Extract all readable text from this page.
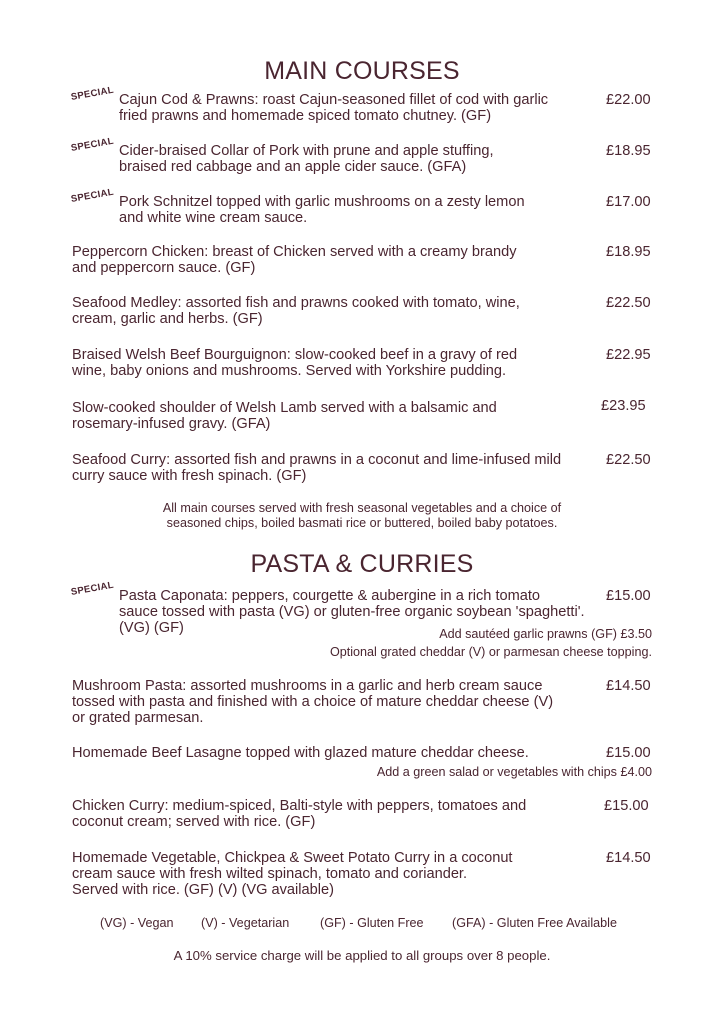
MAIN COURSES
SPECIAL Cajun Cod & Prawns: roast Cajun-seasoned fillet of cod with garlic
fried prawns and homemade spiced tomato chutney. (GF)
£22.00
SPECIAL Cider-braised Collar of Pork with prune and apple stuffing,
braised red cabbage and an apple cider sauce. (GFA)
£18.95
SPECIAL Pork Schnitzel topped with garlic mushrooms on a zesty lemon
and white wine cream sauce.
£17.00
Peppercorn Chicken: breast of Chicken served with a creamy brandy
and peppercorn sauce. (GF)
£18.95
Seafood Medley: assorted fish and prawns cooked with tomato, wine,
cream, garlic and herbs. (GF)
£22.50
Braised Welsh Beef Bourguignon: slow-cooked beef in a gravy of red
wine, baby onions and mushrooms. Served with Yorkshire pudding.
£22.95
Slow-cooked shoulder of Welsh Lamb served with a balsamic and
rosemary-infused gravy. (GFA)
£23.95
Seafood Curry: assorted fish and prawns in a coconut and lime-infused mild
curry sauce with fresh spinach. (GF)
£22.50
All main courses served with fresh seasonal vegetables and a choice of
seasoned chips, boiled basmati rice or buttered, boiled baby potatoes.
PASTA & CURRIES
SPECIAL Pasta Caponata: peppers, courgette & aubergine in a rich tomato
sauce tossed with pasta (VG) or gluten-free organic soybean 'spaghetti'.
(VG) (GF)
£15.00
Add sautéed garlic prawns (GF) £3.50
Optional grated cheddar (V) or parmesan cheese topping.
Mushroom Pasta: assorted mushrooms in a garlic and herb cream sauce
tossed with pasta and finished with a choice of mature cheddar cheese (V)
or grated parmesan.
£14.50
Homemade Beef Lasagne topped with glazed mature cheddar cheese.	£15.00
Add a green salad or vegetables with chips £4.00
Chicken Curry: medium-spiced, Balti-style with peppers, tomatoes and
coconut cream; served with rice. (GF)
£15.00
Homemade Vegetable, Chickpea & Sweet Potato Curry in a coconut
cream sauce with fresh wilted spinach, tomato and coriander.
Served with rice. (GF) (V) (VG available)
£14.50
(VG) - Vegan (V) - Vegetarian (GF) - Gluten Free (GFA) - Gluten Free Available
A 10% service charge will be applied to all groups over 8 people.
